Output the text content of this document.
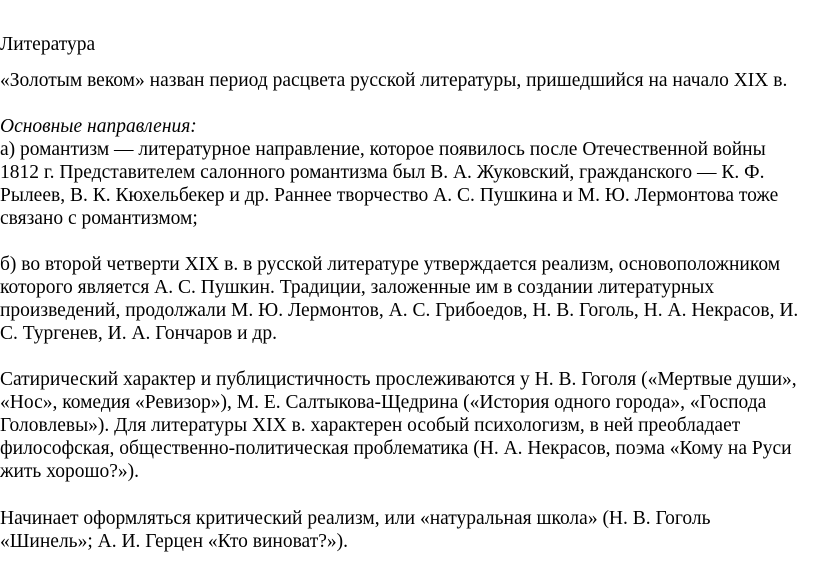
Литература

«Золотым веком» назван период расцвета русской литературы, пришедшийся на начало XIX в.

Основные направления:

а) романтизм — литературное направление, которое появилось после Отечественной войны
1812 г. Представителем салонного романтизма был В. А. Жуковский, гражданского — К. Ф.
Рылеев, В. К. Кюхельбекер и др. Раннее творчество А. С. Пушкина и М. Ю. Лермонтова тоже
связано с романтизмом;
б) во второй четверти XIX в. в русской литературе утверждается реализм, основоположником
которого является А. С. Пушкин. Традиции, заложенные им в создании литературных
произведений, продолжали М. Ю. Лермонтов, А. С. Грибоедов, Н. В. Гоголь, Н. А. Некрасов, И.
С. Тургенев, И. А. Гончаров и др.
Сатирический характер и публицистичность прослеживаются у Н. В. Гоголя («Мертвые души»,
«Нос», комедия «Ревизор»), М. Е. Салтыкова-Щедрина («История одного города», «Господа
Головлевы»). Для литературы XIX в. характерен особый психологизм, в ней преобладает
философская, общественно-политическая проблематика (Н. А. Некрасов, поэма «Кому на Руси
жить хорошо?»).
Начинает оформляться критический реализм, или «натуральная школа» (Н. В. Гоголь
«Шинель»; А. И. Герцен «Кто виноват?»).
